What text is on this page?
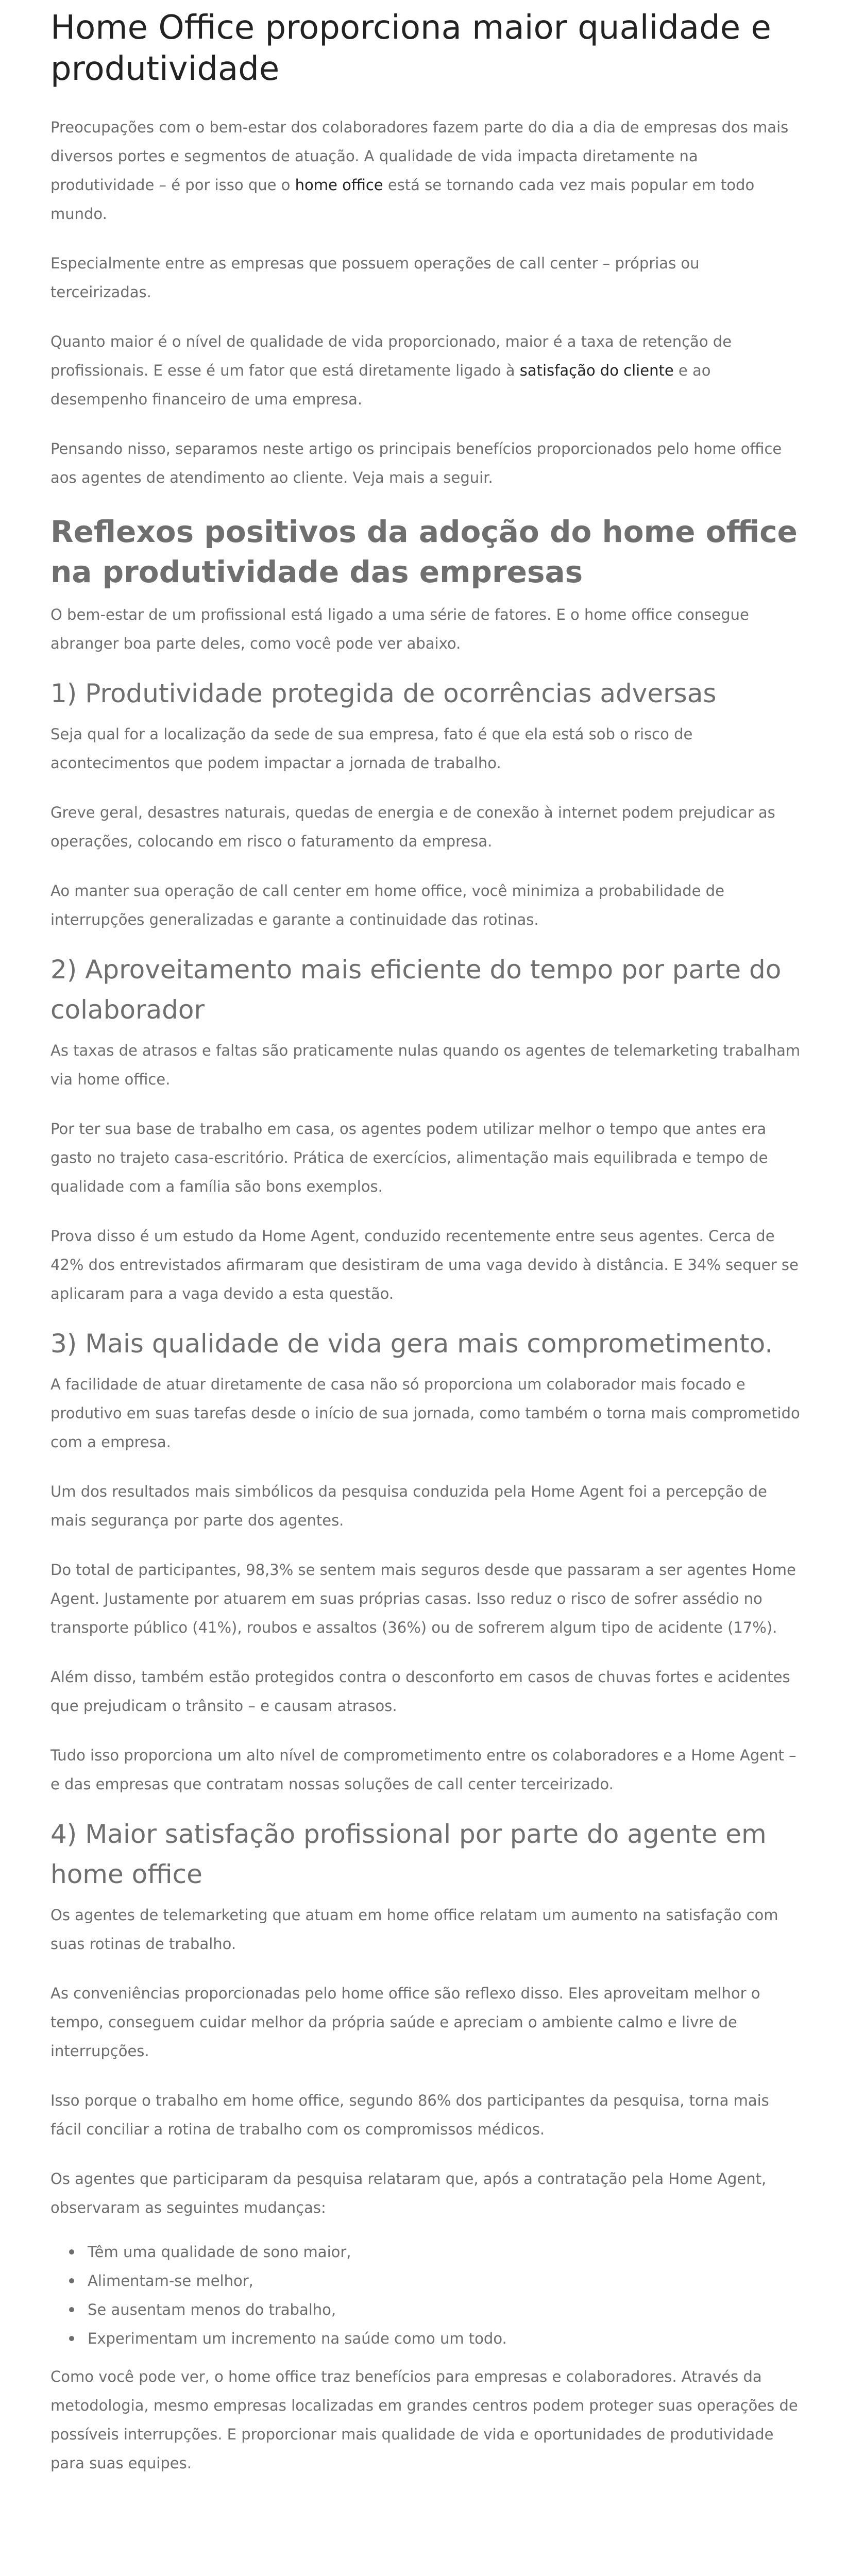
Home Office proporciona maior qualidade e produtividade

Preocupações com o bem-estar dos colaboradores fazem parte do dia a dia de empresas dos mais diversos portes e segmentos de atuação. A qualidade de vida impacta diretamente na produtividade – é por isso que o home office está se tornando cada vez mais popular em todo mundo.

Especialmente entre as empresas que possuem operações de call center – próprias ou terceirizadas.

Quanto maior é o nível de qualidade de vida proporcionado, maior é a taxa de retenção de profissionais. E esse é um fator que está diretamente ligado à satisfação do cliente e ao desempenho financeiro de uma empresa.

Pensando nisso, separamos neste artigo os principais benefícios proporcionados pelo home office aos agentes de atendimento ao cliente. Veja mais a seguir.

Reflexos positivos da adoção do home office na produtividade das empresas

O bem-estar de um profissional está ligado a uma série de fatores. E o home office consegue abranger boa parte deles, como você pode ver abaixo.

1) Produtividade protegida de ocorrências adversas

Seja qual for a localização da sede de sua empresa, fato é que ela está sob o risco de acontecimentos que podem impactar a jornada de trabalho.

Greve geral, desastres naturais, quedas de energia e de conexão à internet podem prejudicar as operações, colocando em risco o faturamento da empresa.

Ao manter sua operação de call center em home office, você minimiza a probabilidade de interrupções generalizadas e garante a continuidade das rotinas.

2) Aproveitamento mais eficiente do tempo por parte do colaborador

As taxas de atrasos e faltas são praticamente nulas quando os agentes de telemarketing trabalham via home office.

Por ter sua base de trabalho em casa, os agentes podem utilizar melhor o tempo que antes era gasto no trajeto casa-escritório. Prática de exercícios, alimentação mais equilibrada e tempo de qualidade com a família são bons exemplos.

Prova disso é um estudo da Home Agent, conduzido recentemente entre seus agentes. Cerca de 42% dos entrevistados afirmaram que desistiram de uma vaga devido à distância. E 34% sequer se aplicaram para a vaga devido a esta questão.

3) Mais qualidade de vida gera mais comprometimento.

A facilidade de atuar diretamente de casa não só proporciona um colaborador mais focado e produtivo em suas tarefas desde o início de sua jornada, como também o torna mais comprometido com a empresa.

Um dos resultados mais simbólicos da pesquisa conduzida pela Home Agent foi a percepção de mais segurança por parte dos agentes.

Do total de participantes, 98,3% se sentem mais seguros desde que passaram a ser agentes Home Agent. Justamente por atuarem em suas próprias casas. Isso reduz o risco de sofrer assédio no transporte público (41%), roubos e assaltos (36%) ou de sofrerem algum tipo de acidente (17%).

Além disso, também estão protegidos contra o desconforto em casos de chuvas fortes e acidentes que prejudicam o trânsito – e causam atrasos.

Tudo isso proporciona um alto nível de comprometimento entre os colaboradores e a Home Agent – e das empresas que contratam nossas soluções de call center terceirizado.

4) Maior satisfação profissional por parte do agente em home office

Os agentes de telemarketing que atuam em home office relatam um aumento na satisfação com suas rotinas de trabalho.

As conveniências proporcionadas pelo home office são reflexo disso. Eles aproveitam melhor o tempo, conseguem cuidar melhor da própria saúde e apreciam o ambiente calmo e livre de interrupções.

Isso porque o trabalho em home office, segundo 86% dos participantes da pesquisa, torna mais fácil conciliar a rotina de trabalho com os compromissos médicos.

Os agentes que participaram da pesquisa relataram que, após a contratação pela Home Agent, observaram as seguintes mudanças:

Têm uma qualidade de sono maior,
Alimentam-se melhor,
Se ausentam menos do trabalho,
Experimentam um incremento na saúde como um todo.

Como você pode ver, o home office traz benefícios para empresas e colaboradores. Através da metodologia, mesmo empresas localizadas em grandes centros podem proteger suas operações de possíveis interrupções. E proporcionar mais qualidade de vida e oportunidades de produtividade para suas equipes.
